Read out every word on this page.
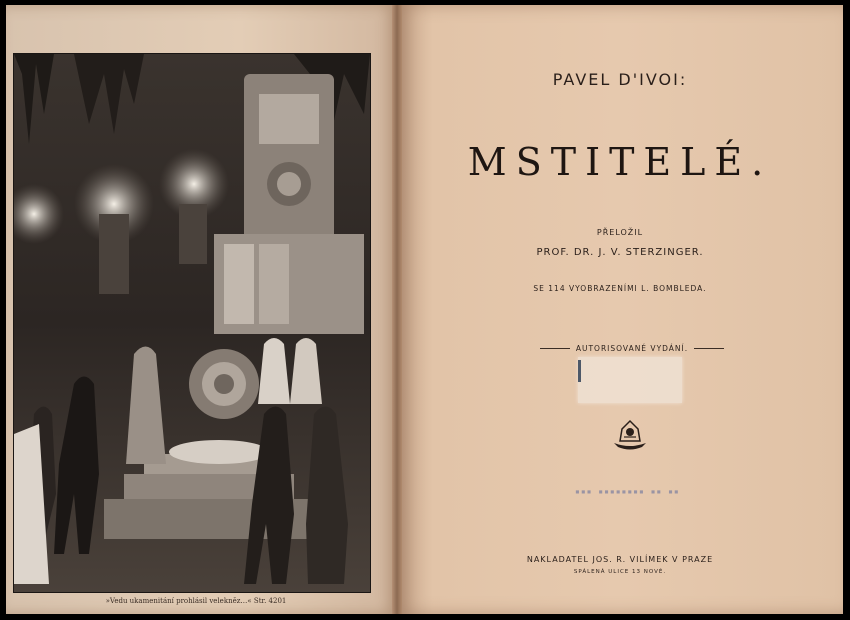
»Vedu ukamenitání prohlásil velekněz…« Str. 4201
PAVEL D'IVOI:
MSTITELÉ.
PŘELOŽIL
PROF. DR. J. V. STERZINGER.
SE 114 VYOBRAZENÍMI L. BOMBLEDA.
AUTORISOVANÉ VYDÁNÍ.
▪▪▪ ▪▪▪▪▪▪▪▪ ▪▪ ▪▪
NAKLADATEL JOS. R. VILÍMEK V PRAZE
SPÁLENÁ ULICE 13 NOVÉ.
